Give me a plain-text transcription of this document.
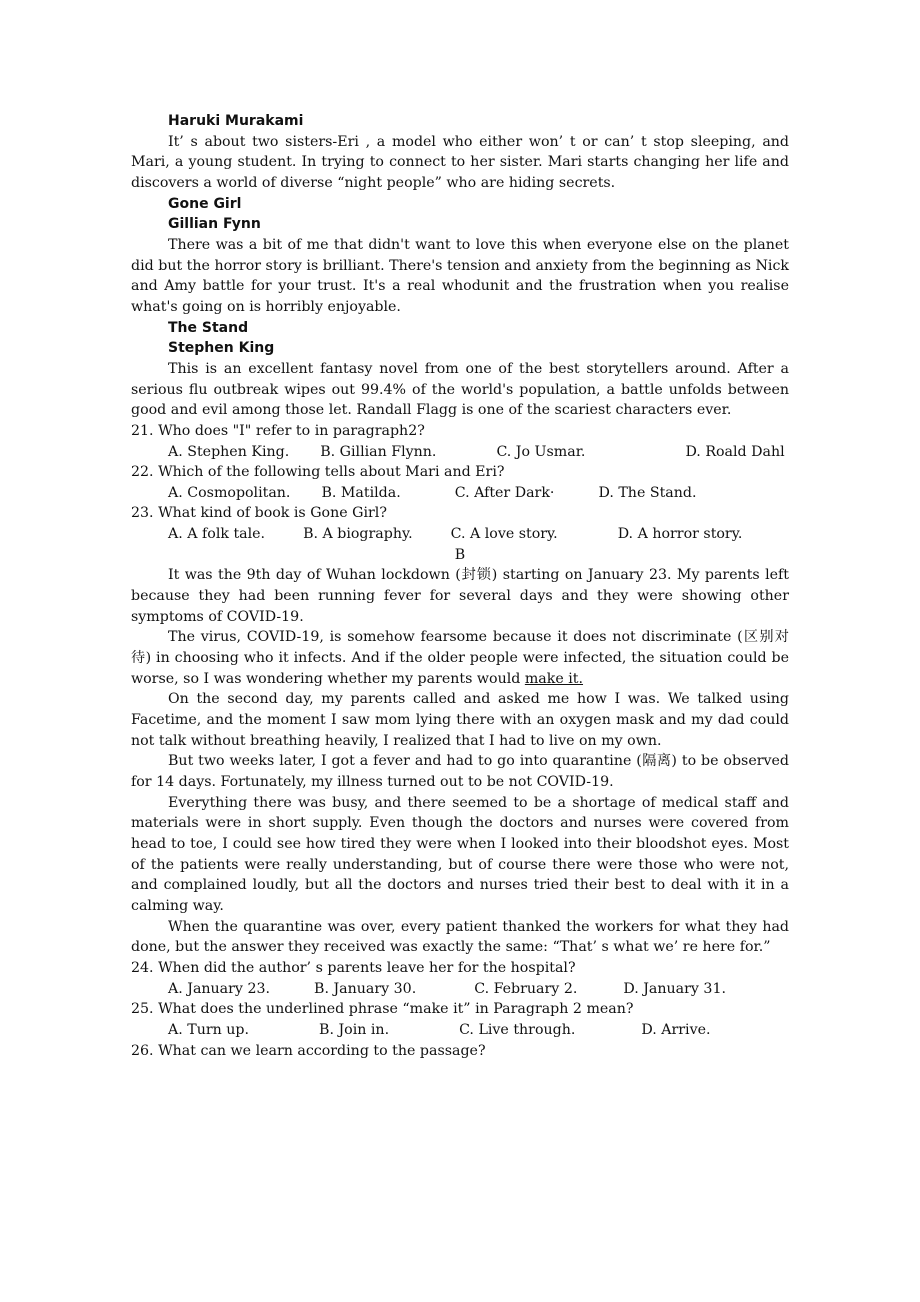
Haruki Murakami

It’ s about two sisters-Eri , a model who either won’ t or can’ t stop sleeping, and Mari, a young student. In trying to connect to her sister. Mari starts changing her life and discovers a world of diverse “night people” who are hiding secrets.

Gone Girl

Gillian Fynn

There was a bit of me that didn't want to love this when everyone else on the planet did but the horror story is brilliant. There's tension and anxiety from the beginning as Nick and Amy battle for your trust. It's a real whodunit and the frustration when you realise what's going on is horribly enjoyable.

The Stand

Stephen King

This is an excellent fantasy novel from one of the best storytellers around. After a serious flu outbreak wipes out 99.4% of the world's population, a battle unfolds between good and evil among those let. Randall Flagg is one of the scariest characters ever.

21. Who does "I" refer to in paragraph2?

A. Stephen King. B. Gillian Flynn.	C. Jo Usmar.	D. Roald Dahl

22. Which of the following tells about Mari and Eri?

A. Cosmopolitan. B. Matilda.	C. After Dark·	D. The Stand.

23. What kind of book is Gone Girl?

A. A folk tale.	B. A biography.	C. A love story.	D. A horror story.

B

It was the 9th day of Wuhan lockdown (封锁) starting on January 23. My parents left because they had been running fever for several days and they were showing other symptoms of COVID-19.

The virus, COVID-19, is somehow fearsome because it does not discriminate (区别对待) in choosing who it infects. And if the older people were infected, the situation could be worse, so I was wondering whether my parents would make it.

On the second day, my parents called and asked me how I was. We talked using Facetime, and the moment I saw mom lying there with an oxygen mask and my dad could not talk without breathing heavily, I realized that I had to live on my own.

But two weeks later, I got a fever and had to go into quarantine (隔离) to be observed for 14 days. Fortunately, my illness turned out to be not COVID-19.

Everything there was busy, and there seemed to be a shortage of medical staff and materials were in short supply. Even though the doctors and nurses were covered from head to toe, I could see how tired they were when I looked into their bloodshot eyes. Most of the patients were really understanding, but of course there were those who were not, and complained loudly, but all the doctors and nurses tried their best to deal with it in a calming way.

When the quarantine was over, every patient thanked the workers for what they had done, but the answer they received was exactly the same: “That’ s what we’ re here for.”

24. When did the author’ s parents leave her for the hospital?

A. January 23.	B. January 30.	C. February 2.	D. January 31.

25. What does the underlined phrase “make it” in Paragraph 2 mean?

A. Turn up.	B. Join in.	C. Live through.	D. Arrive.

26. What can we learn according to the passage?
